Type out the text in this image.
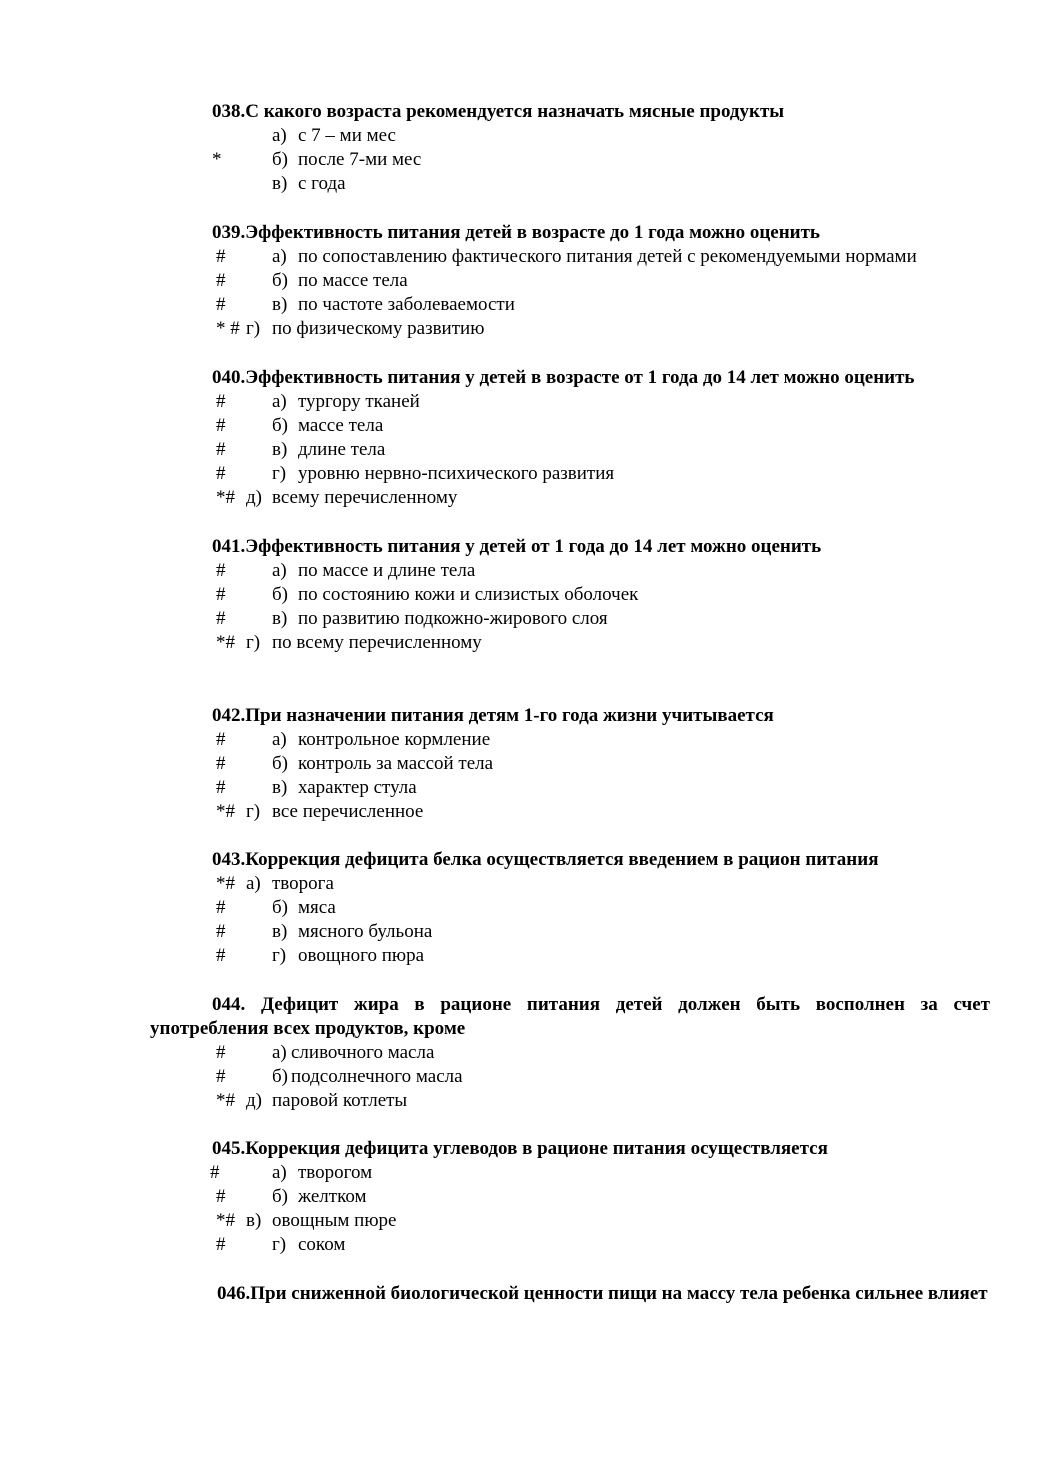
038.С какого возраста рекомендуется назначать мясные продукты
а) с 7 – ми мес
*	б) после 7-ми мес
в) с года
039.Эффективность питания детей в возрасте до 1 года можно оценить
# а) по сопоставлению фактического питания детей с рекомендуемыми нормами
# б) по массе тела
# в) по частоте заболеваемости
* # г) по физическому развитию
040.Эффективность питания у детей в возрасте от 1 года до 14 лет можно оценить
# а) тургору тканей
# б) массе тела
# в) длине тела
# г) уровню нервно-психического развития
*# д) всему перечисленному
041.Эффективность питания у детей от 1 года до 14 лет можно оценить
# а) по массе и длине тела
# б) по состоянию кожи и слизистых оболочек
# в) по развитию подкожно-жирового слоя
*# г) по всему перечисленному
042.При назначении питания детям 1-го года жизни учитывается
# а) контрольное кормление
# б) контроль за массой тела
# в) характер стула
*# г) все перечисленное
043.Коррекция дефицита белка осуществляется введением в рацион питания
*# а) творога
# б) мяса
# в) мясного бульона
# г) овощного пюра
044. Дефицит жира в рационе питания детей должен быть восполнен за счет употребления всех продуктов, кроме
# а) сливочного масла
# б) подсолнечного масла
*# д) паровой котлеты
045.Коррекция дефицита углеводов в рационе питания осуществляется
#	а) творогом
# б) желтком
*# в) овощным пюре
# г) соком
046.При сниженной биологической ценности пищи на массу тела ребенка сильнее влияет
